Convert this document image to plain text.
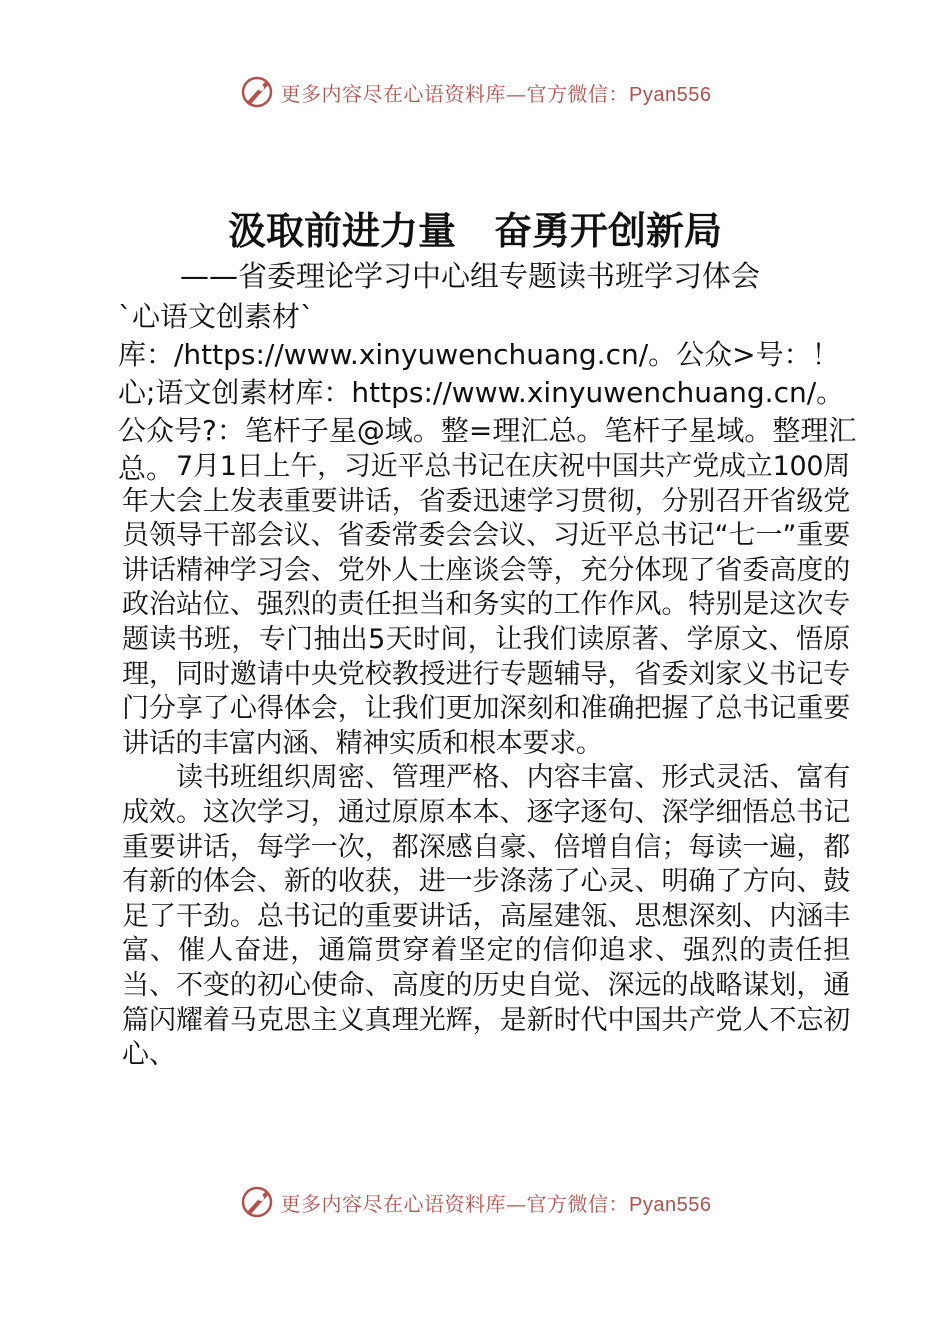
更多内容尽在心语资料库—官方微信：Pyan556
汲取前进力量　奋勇开创新局
——省委理论学习中心组专题读书班学习体会

`心语文创素材`库：/https://www.xinyuwenchuang.cn/。公众>号：！ 心;语文创素材库：https://www.xinyuwenchuang.cn/。公众号?：笔杆子星@域。整=理汇总。笔杆子星域。整理汇总。 7月1日上午，习近平总书记在庆祝中国共产党成立100周年大会上发表重要讲话，省委迅速学习贯彻，分别召开省级党员领导干部会议、省委常委会会议、习近平总书记“七一”重要讲话精神学习会、党外人士座谈会等，充分体现了省委高度的政治站位、强烈的责任担当和务实的工作作风。特别是这次专题读书班，专门抽出5天时间，让我们读原著、学原文、悟原理，同时邀请中央党校教授进行专题辅导，省委刘家义书记专门分享了心得体会，让我们更加深刻和准确把握了总书记重要讲话的丰富内涵、精神实质和根本要求。

读书班组织周密、管理严格、内容丰富、形式灵活、富有成效。这次学习，通过原原本本、逐字逐句、深学细悟总书记重要讲话，每学一次，都深感自豪、倍增自信；每读一遍，都有新的体会、新的收获，进一步涤荡了心灵、明确了方向、鼓足了干劲。总书记的重要讲话，高屋建瓴、思想深刻、内涵丰富、催人奋进，通篇贯穿着坚定的信仰追求、强烈的责任担当、不变的初心使命、高度的历史自觉、深远的战略谋划，通篇闪耀着马克思主义真理光辉，是新时代中国共产党人不忘初心、

更多内容尽在心语资料库—官方微信：Pyan556
